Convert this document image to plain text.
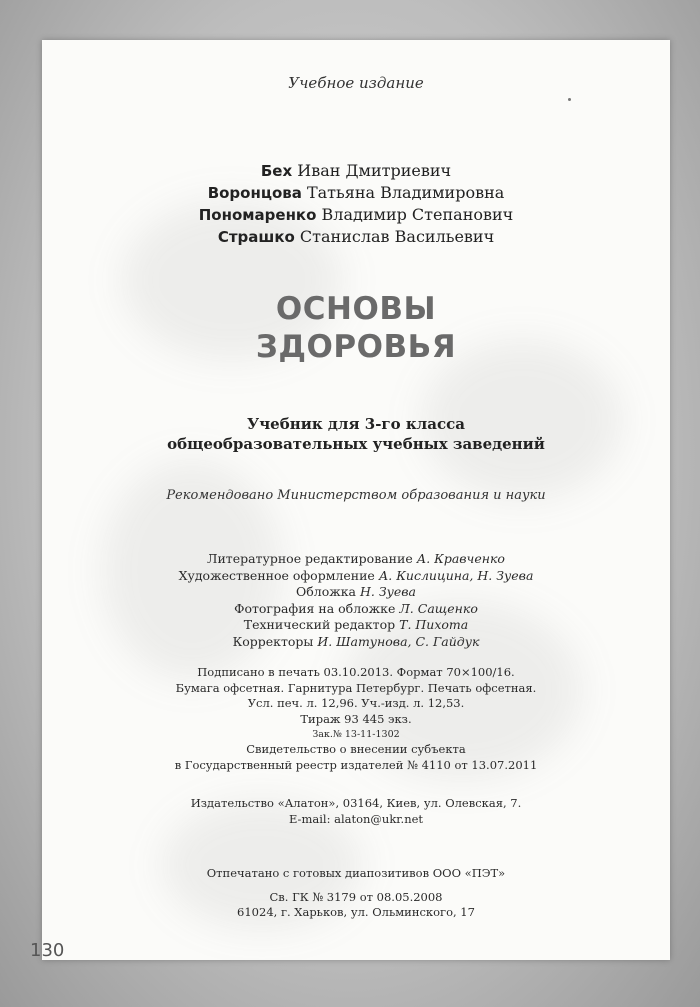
Учебное издание
Бех Иван Дмитриевич
Воронцова Татьяна Владимировна
Пономаренко Владимир Степанович
Страшко Станислав Васильевич
ОСНОВЫ
ЗДОРОВЬЯ
Учебник для 3-го класса
общеобразовательных учебных заведений
Рекомендовано Министерством образования и науки
Литературное редактирование А. Кравченко
Художественное оформление А. Кислицина, Н. Зуева
Обложка Н. Зуева
Фотография на обложке Л. Сащенко
Технический редактор Т. Пихота
Корректоры И. Шатунова, С. Гайдук
Подписано в печать 03.10.2013. Формат 70×100/16.
Бумага офсетная. Гарнитура Петербург. Печать офсетная.
Усл. печ. л. 12,96. Уч.-изд. л. 12,53.
Тираж 93 445 экз.
Зак.№ 13-11-1302
Свидетельство о внесении субъекта
в Государственный реестр издателей № 4110 от 13.07.2011
Издательство «Алатон», 03164, Киев, ул. Олевская, 7.
E-mail: alaton@ukr.net
Отпечатано с готовых диапозитивов ООО «ПЭТ»
Св. ГК № 3179 от 08.05.2008
61024, г. Харьков, ул. Ольминского, 17
130
